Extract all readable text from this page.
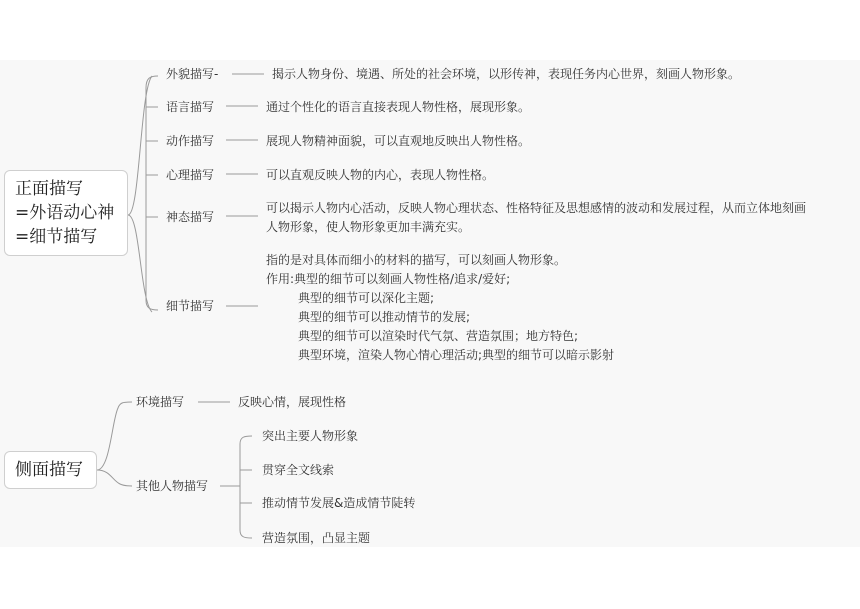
正面描写
=外语动心神
=细节描写
外貌描写-	揭示人物身份、境遇、所处的社会环境，以形传神，表现任务内心世界，刻画人物形象。
语言描写	通过个性化的语言直接表现人物性格，展现形象。
动作描写	展现人物精神面貌，可以直观地反映出人物性格。
心理描写	可以直观反映人物的内心，表现人物性格。
神态描写
可以揭示人物内心活动，反映人物心理状态、性格特征及思想感情的波动和发展过程，从而立体地刻画
人物形象，使人物形象更加丰满充实。
细节描写
指的是对具体而细小的材料的描写，可以刻画人物形象。
作用:典型的细节可以刻画人物性格/追求/爱好;
典型的细节可以深化主题;
典型的细节可以推动情节的发展;
典型的细节可以渲染时代气氛、营造氛围；地方特色;
典型环境，渲染人物心情心理活动;典型的细节可以暗示影射
侧面描写
环境描写	反映心情，展现性格
其他人物描写
突出主要人物形象
贯穿全文线索
推动情节发展&造成情节陡转
营造氛围，凸显主题
